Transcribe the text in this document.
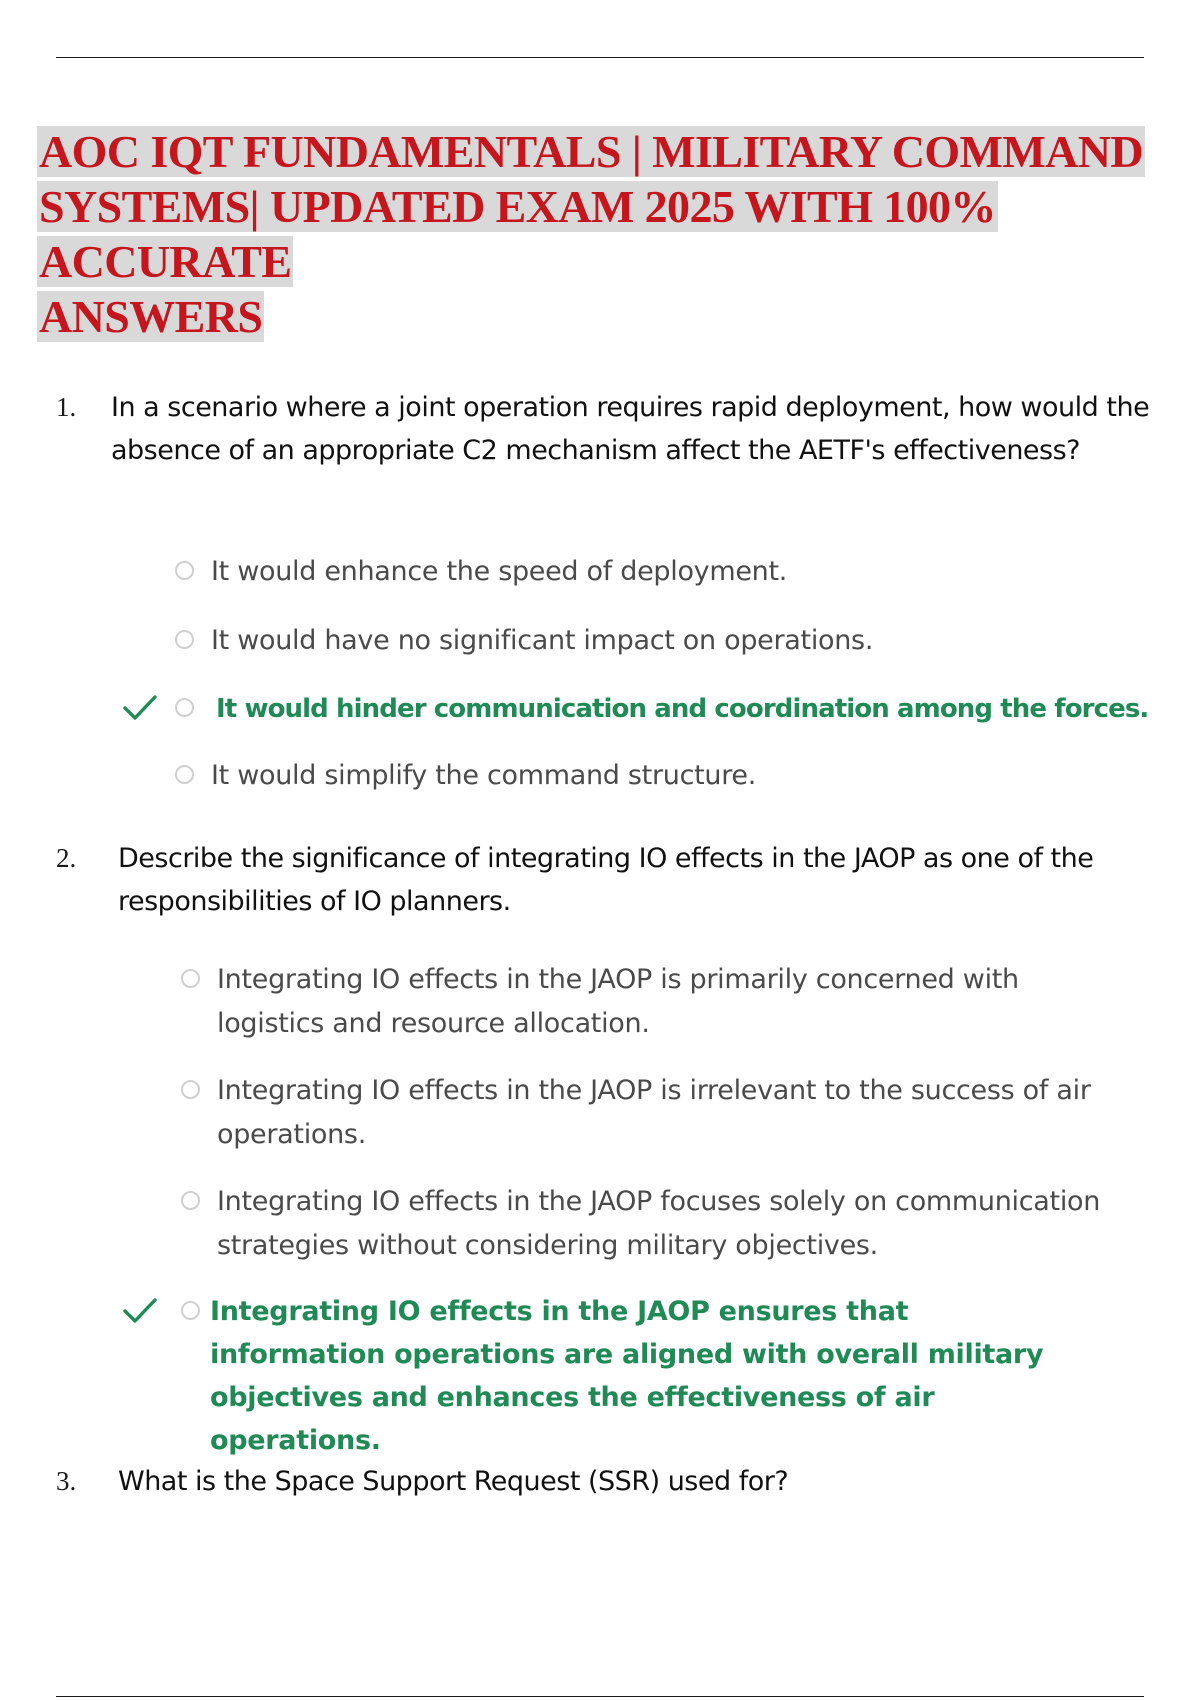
AOC IQT FUNDAMENTALS | MILITARY COMMAND
SYSTEMS| UPDATED EXAM 2025 WITH 100% ACCURATE
ANSWERS
1. In a scenario where a joint operation requires rapid deployment, how would the absence of an appropriate C2 mechanism affect the AETF's effectiveness?
It would enhance the speed of deployment.
It would have no significant impact on operations.
It would hinder communication and coordination among the forces.
It would simplify the command structure.
2. Describe the significance of integrating IO effects in the JAOP as one of the responsibilities of IO planners.
Integrating IO effects in the JAOP is primarily concerned with logistics and resource allocation.
Integrating IO effects in the JAOP is irrelevant to the success of air operations.
Integrating IO effects in the JAOP focuses solely on communication strategies without considering military objectives.
Integrating IO effects in the JAOP ensures that information operations are aligned with overall military objectives and enhances the effectiveness of air operations.
3. What is the Space Support Request (SSR) used for?
